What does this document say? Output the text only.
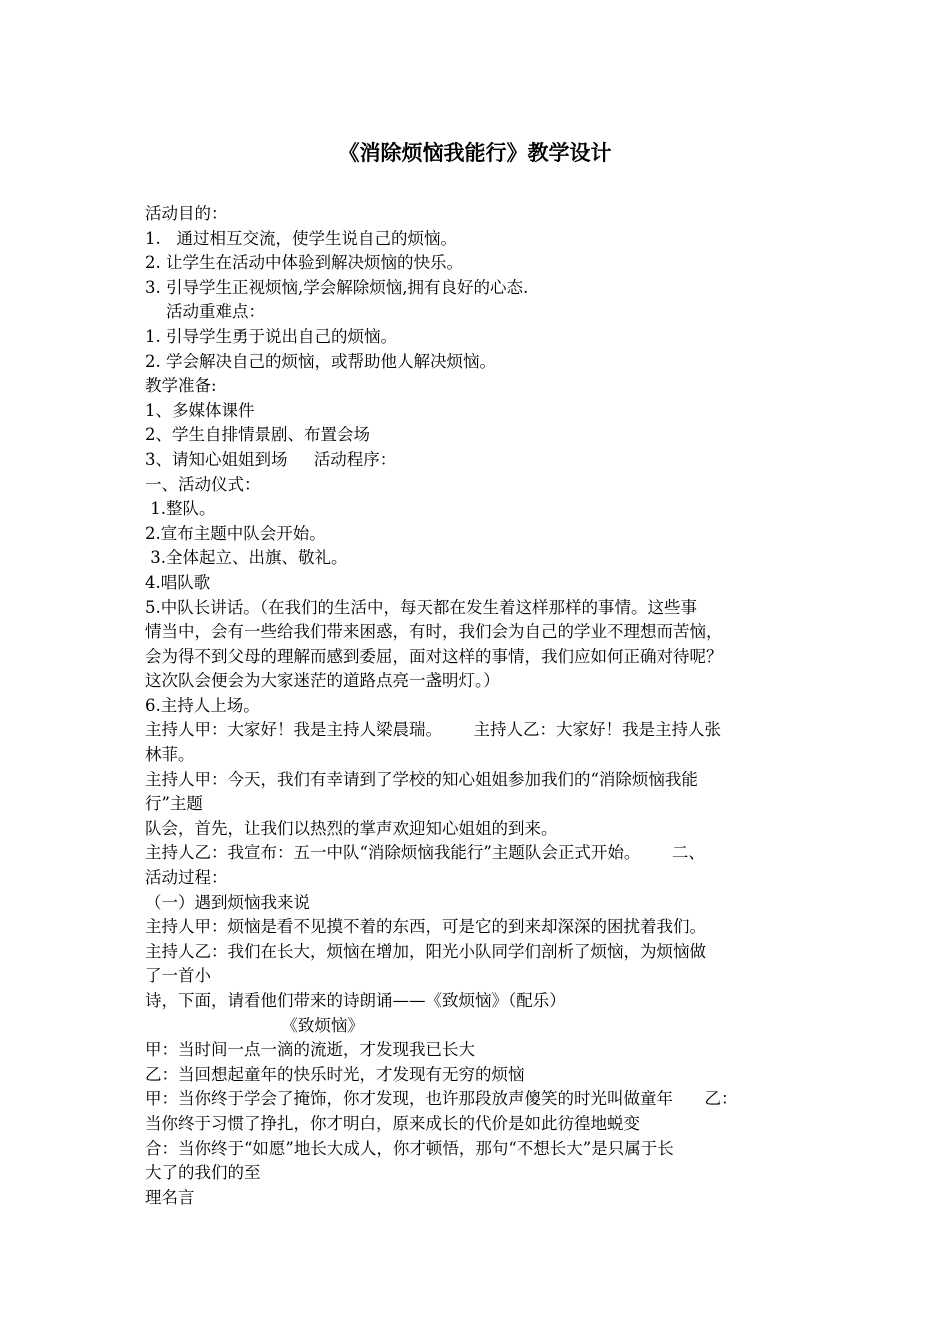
《消除烦恼我能行》教学设计

活动目的：

1.   通过相互交流，使学生说自己的烦恼。

2. 让学生在活动中体验到解决烦恼的快乐。

3. 引导学生正视烦恼,学会解除烦恼,拥有良好的心态.

活动重难点：

1. 引导学生勇于说出自己的烦恼。

2. 学会解决自己的烦恼，或帮助他人解决烦恼。

教学准备:

1、多媒体课件

2、学生自排情景剧、布置会场

3、请知心姐姐到场     活动程序：

一、活动仪式：

1.整队。

2.宣布主题中队会开始。

3.全体起立、出旗、敬礼。

4.唱队歌

5.中队长讲话。（在我们的生活中，每天都在发生着这样那样的事情。这些事

情当中，会有一些给我们带来困惑，有时，我们会为自己的学业不理想而苦恼，

会为得不到父母的理解而感到委屈，面对这样的事情，我们应如何正确对待呢？

这次队会便会为大家迷茫的道路点亮一盏明灯。）

6.主持人上场。

主持人甲：大家好！我是主持人梁晨瑞。      主持人乙：大家好！我是主持人张

林菲。

主持人甲：今天，我们有幸请到了学校的知心姐姐参加我们的“消除烦恼我能

行”主题

队会，首先，让我们以热烈的掌声欢迎知心姐姐的到来。

主持人乙：我宣布：五一中队“消除烦恼我能行”主题队会正式开始。      二、

活动过程：

（一）遇到烦恼我来说

主持人甲：烦恼是看不见摸不着的东西，可是它的到来却深深的困扰着我们。

主持人乙：我们在长大，烦恼在增加，阳光小队同学们剖析了烦恼，为烦恼做

了一首小

诗，下面，请看他们带来的诗朗诵——《致烦恼》（配乐）

《致烦恼》

甲：当时间一点一滴的流逝，才发现我已长大

乙：当回想起童年的快乐时光，才发现有无穷的烦恼

甲：当你终于学会了掩饰，你才发现，也许那段放声傻笑的时光叫做童年      乙：

当你终于习惯了挣扎，你才明白，原来成长的代价是如此彷徨地蜕变

合：当你终于“如愿”地长大成人，你才顿悟，那句“不想长大”是只属于长

大了的我们的至

理名言
